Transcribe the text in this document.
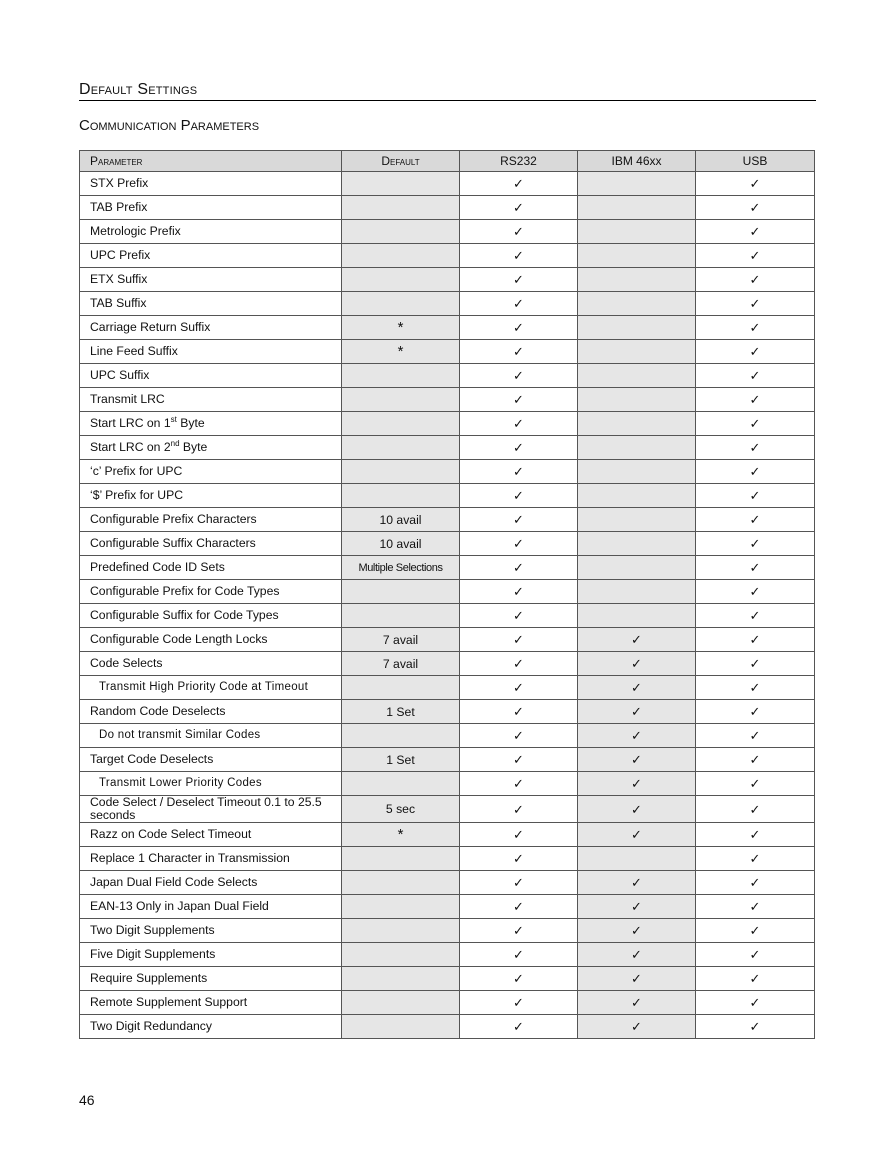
Default Settings
Communication Parameters
Parameter	Default	RS232	IBM 46xx	USB
STX Prefix		✓		✓
TAB Prefix		✓		✓
Metrologic Prefix		✓		✓
UPC Prefix		✓		✓
ETX Suffix		✓		✓
TAB Suffix		✓		✓
Carriage Return Suffix	*	✓		✓
Line Feed Suffix	*	✓		✓
UPC Suffix		✓		✓
Transmit LRC		✓		✓
Start LRC on 1st Byte		✓		✓
Start LRC on 2nd Byte		✓		✓
‘c’ Prefix for UPC		✓		✓
‘$’ Prefix for UPC		✓		✓
Configurable Prefix Characters	10 avail	✓		✓
Configurable Suffix Characters	10 avail	✓		✓
Predefined Code ID Sets	Multiple Selections	✓		✓
Configurable Prefix for Code Types		✓		✓
Configurable Suffix for Code Types		✓		✓
Configurable Code Length Locks	7 avail	✓	✓	✓
Code Selects	7 avail	✓	✓	✓
Transmit High Priority Code at Timeout		✓	✓	✓
Random Code Deselects	1 Set	✓	✓	✓
Do not transmit Similar Codes		✓	✓	✓
Target Code Deselects	1 Set	✓	✓	✓
Transmit Lower Priority Codes		✓	✓	✓
Code Select / Deselect Timeout 0.1 to 25.5 seconds	5 sec	✓	✓	✓
Razz on Code Select Timeout	*	✓	✓	✓
Replace 1 Character in Transmission		✓		✓
Japan Dual Field Code Selects		✓	✓	✓
EAN-13 Only in Japan Dual Field		✓	✓	✓
Two Digit Supplements		✓	✓	✓
Five Digit Supplements		✓	✓	✓
Require Supplements		✓	✓	✓
Remote Supplement Support		✓	✓	✓
Two Digit Redundancy		✓	✓	✓
46
